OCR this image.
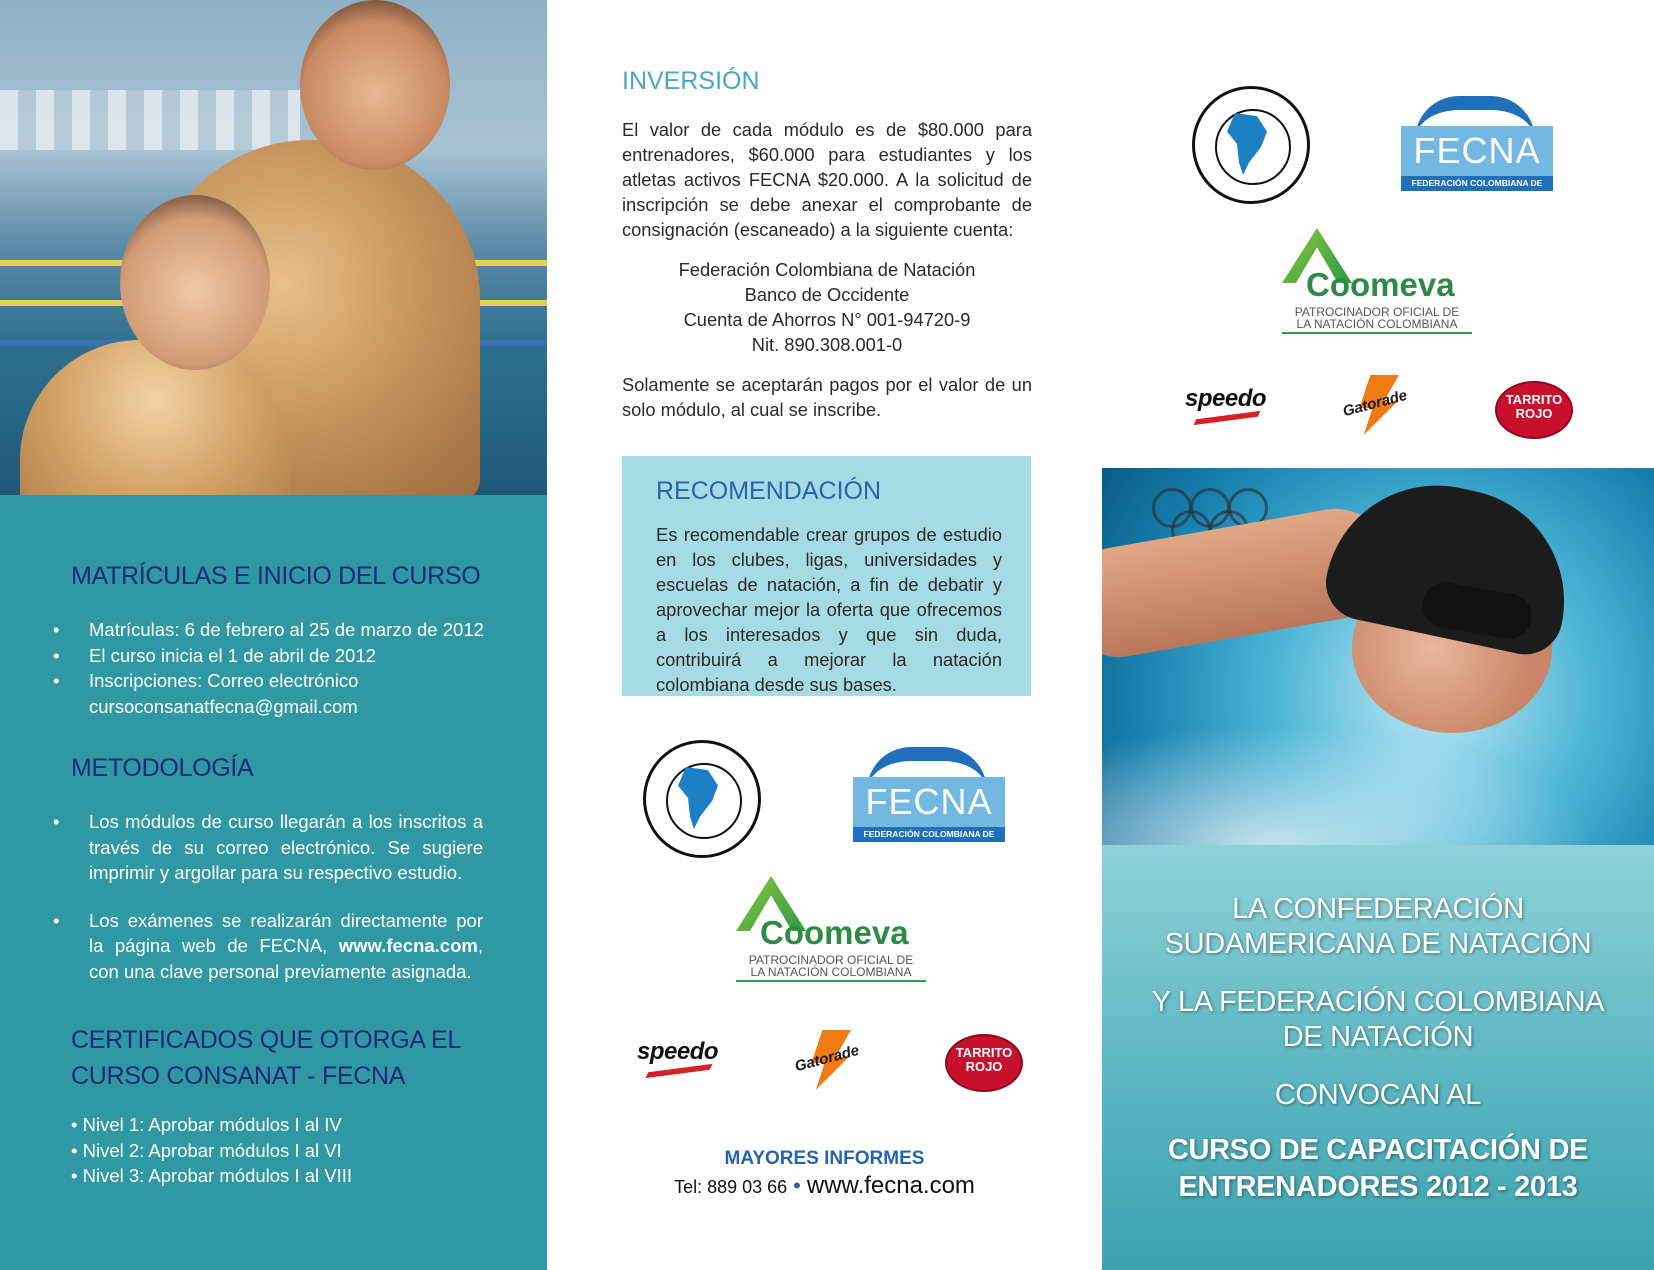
MATRÍCULAS E INICIO DEL CURSO
• Matrículas: 6 de febrero al 25 de marzo de 2012
• El curso inicia el 1 de abril de 2012
• Inscripciones: Correo electrónico
cursoconsanatfecna@gmail.com
METODOLOGÍA
• Los módulos de curso llegarán a los inscritos a través de su correo electrónico. Se sugiere imprimir y argollar para su respectivo estudio.
• Los exámenes se realizarán directamente por la página web de FECNA, www.fecna.com, con una clave personal previamente asignada.
CERTIFICADOS QUE OTORGA EL
CURSO CONSANAT - FECNA
• Nivel 1: Aprobar módulos I al IV
• Nivel 2: Aprobar módulos I al VI
• Nivel 3: Aprobar módulos I al VIII
INVERSIÓN
El valor de cada módulo es de $80.000 para entrenadores, $60.000 para estudiantes y los atletas activos FECNA $20.000. A la solicitud de inscripción se debe anexar el comprobante de consignación (escaneado) a la siguiente cuenta:
Federación Colombiana de Natación
Banco de Occidente
Cuenta de Ahorros N° 001-94720-9
Nit. 890.308.001-0
Solamente se aceptarán pagos por el valor de un solo módulo, al cual se inscribe.
RECOMENDACIÓN
Es recomendable crear grupos de estudio en los clubes, ligas, universidades y escuelas de natación, a fin de debatir y aprovechar mejor la oferta que ofrecemos a los interesados y que sin duda, contribuirá a mejorar la natación colombiana desde sus bases.
FECNA
FEDERACIÓN COLOMBIANA DE NATACIÓN
Coomeva
PATROCINADOR OFICIAL DE
LA NATACIÓN COLOMBIANA
speedo	Gatorade	TARRITO
ROJO
MAYORES INFORMES
Tel: 889 03 66 • www.fecna.com
FECNA
FEDERACIÓN COLOMBIANA DE NATACIÓN
Coomeva
PATROCINADOR OFICIAL DE
LA NATACIÓN COLOMBIANA
speedo	Gatorade	TARRITO
ROJO
LA CONFEDERACIÓN
SUDAMERICANA DE NATACIÓN
Y LA FEDERACIÓN COLOMBIANA
DE NATACIÓN
CONVOCAN AL
CURSO DE CAPACITACIÓN DE
ENTRENADORES 2012 - 2013
